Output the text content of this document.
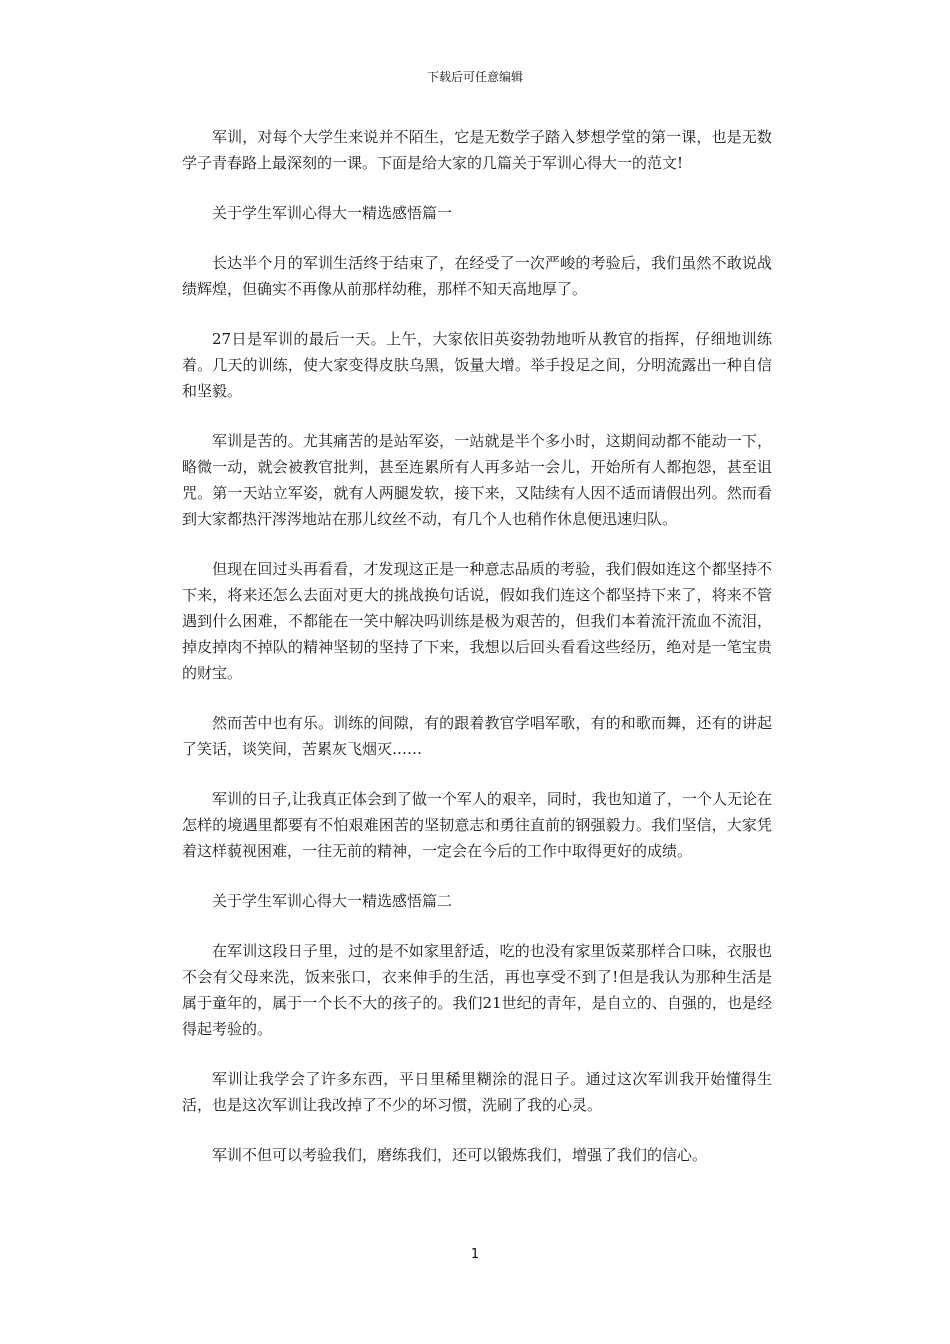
下载后可任意编辑

军训，对每个大学生来说并不陌生，它是无数学子踏入梦想学堂的第一课，也是无数学子青春路上最深刻的一课。下面是给大家的几篇关于军训心得大一的范文!

关于学生军训心得大一精选感悟篇一

长达半个月的军训生活终于结束了，在经受了一次严峻的考验后，我们虽然不敢说战绩辉煌，但确实不再像从前那样幼稚，那样不知天高地厚了。

27日是军训的最后一天。上午，大家依旧英姿勃勃地听从教官的指挥，仔细地训练着。几天的训练，使大家变得皮肤乌黑，饭量大增。举手投足之间，分明流露出一种自信和坚毅。

军训是苦的。尤其痛苦的是站军姿，一站就是半个多小时，这期间动都不能动一下，略微一动，就会被教官批判，甚至连累所有人再多站一会儿，开始所有人都抱怨，甚至诅咒。第一天站立军姿，就有人两腿发软，接下来，又陆续有人因不适而请假出列。然而看到大家都热汗涔涔地站在那儿纹丝不动，有几个人也稍作休息便迅速归队。

但现在回过头再看看，才发现这正是一种意志品质的考验，我们假如连这个都坚持不下来，将来还怎么去面对更大的挑战换句话说，假如我们连这个都坚持下来了，将来不管遇到什么困难，不都能在一笑中解决吗训练是极为艰苦的，但我们本着流汗流血不流泪，掉皮掉肉不掉队的精神坚韧的坚持了下来，我想以后回头看看这些经历，绝对是一笔宝贵的财宝。

然而苦中也有乐。训练的间隙，有的跟着教官学唱军歌，有的和歌而舞，还有的讲起了笑话，谈笑间，苦累灰飞烟灭……

军训的日子,让我真正体会到了做一个军人的艰辛，同时，我也知道了，一个人无论在怎样的境遇里都要有不怕艰难困苦的坚韧意志和勇往直前的钢强毅力。我们坚信，大家凭着这样藐视困难，一往无前的精神，一定会在今后的工作中取得更好的成绩。

关于学生军训心得大一精选感悟篇二

在军训这段日子里，过的是不如家里舒适，吃的也没有家里饭菜那样合口味，衣服也不会有父母来洗，饭来张口，衣来伸手的生活，再也享受不到了!但是我认为那种生活是属于童年的，属于一个长不大的孩子的。我们21世纪的青年，是自立的、自强的，也是经得起考验的。

军训让我学会了许多东西，平日里稀里糊涂的混日子。通过这次军训我开始懂得生活，也是这次军训让我改掉了不少的坏习惯，洗刷了我的心灵。

军训不但可以考验我们，磨练我们，还可以锻炼我们，增强了我们的信心。

1
